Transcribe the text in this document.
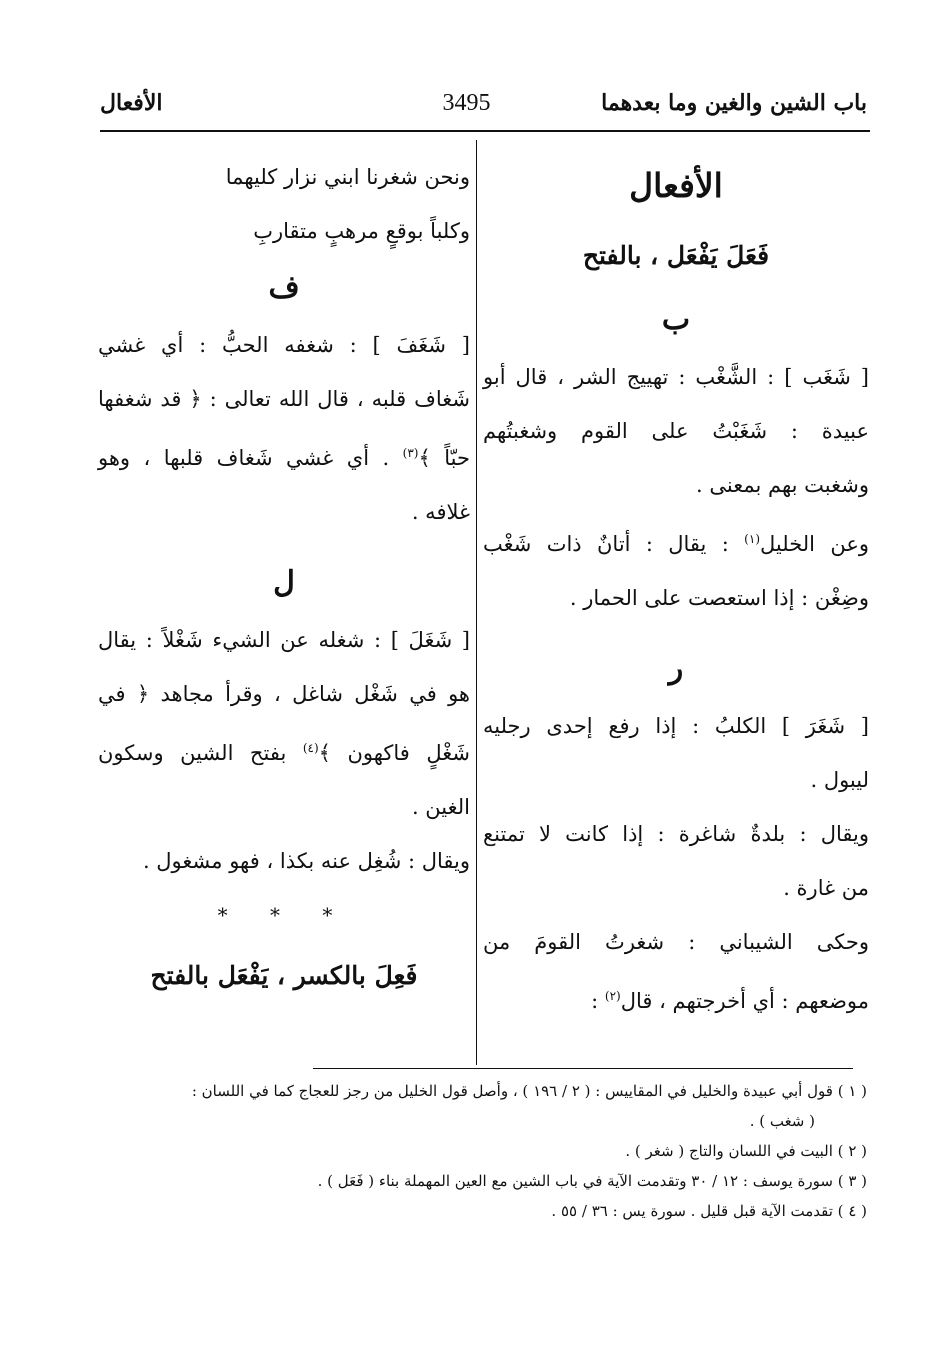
باب الشين والغين وما بعدهما
3495
الأفعال
الأفعال
فَعَلَ يَفْعَل ، بالفتح
ب
[ شَغَب ] : الشَّغْب : تهييج الشر ، قال أبو
عبيدة : شَغَبْتُ على القوم وشغبتُهم
وشغبت بهم بمعنى .
وعن الخليل$^{(١)}$ : يقال : أتانٌ ذات شَغْب
وضِغْن : إذا استعصت على الحمار .
ر
[ شَغَرَ ] الكلبُ : إذا رفع إحدى رجليه
ليبول .
ويقال : بلدةٌ شاغرة : إذا كانت لا تمتنع
من غارة .
وحكى الشيباني : شغرتُ القومَ من
موضعهم : أي أخرجتهم ، قال$^{(٢)}$ :
ونحن شغرنا ابني نزار كليهما
وكلباً بوقعٍ مرهبٍ متقاربِ
ف
[ شَغَفَ ] : شغفه الحبُّ : أي غشي
شَغاف قلبه ، قال الله تعالى : ﴿ قد شغفها
حبّاً ﴾$^{(٣)}$ . أي غشي شَغاف قلبها ، وهو
غلافه .
ل
[ شَغَلَ ] : شغله عن الشيء شَغْلاً : يقال
هو في شَغْل شاغل ، وقرأ مجاهد ﴿ في
شَغْلٍ فاكهون ﴾$^{(٤)}$ بفتح الشين وسكون
الغين .
ويقال : شُغِل عنه بكذا ، فهو مشغول .
* * *
فَعِلَ بالكسر ، يَفْعَل بالفتح
( ١ ) قول أبي عبيدة والخليل في المقاييس : ( ٢ / ١٩٦ ) ، وأصل قول الخليل من رجز للعجاج كما في اللسان :
( شغب ) .
( ٢ ) البيت في اللسان والتاج ( شغر ) .
( ٣ ) سورة يوسف : ١٢ / ٣٠ وتقدمت الآية في باب الشين مع العين المهملة بناء ( فَعَل ) .
( ٤ ) تقدمت الآية قبل قليل . سورة يس : ٣٦ / ٥٥ .
